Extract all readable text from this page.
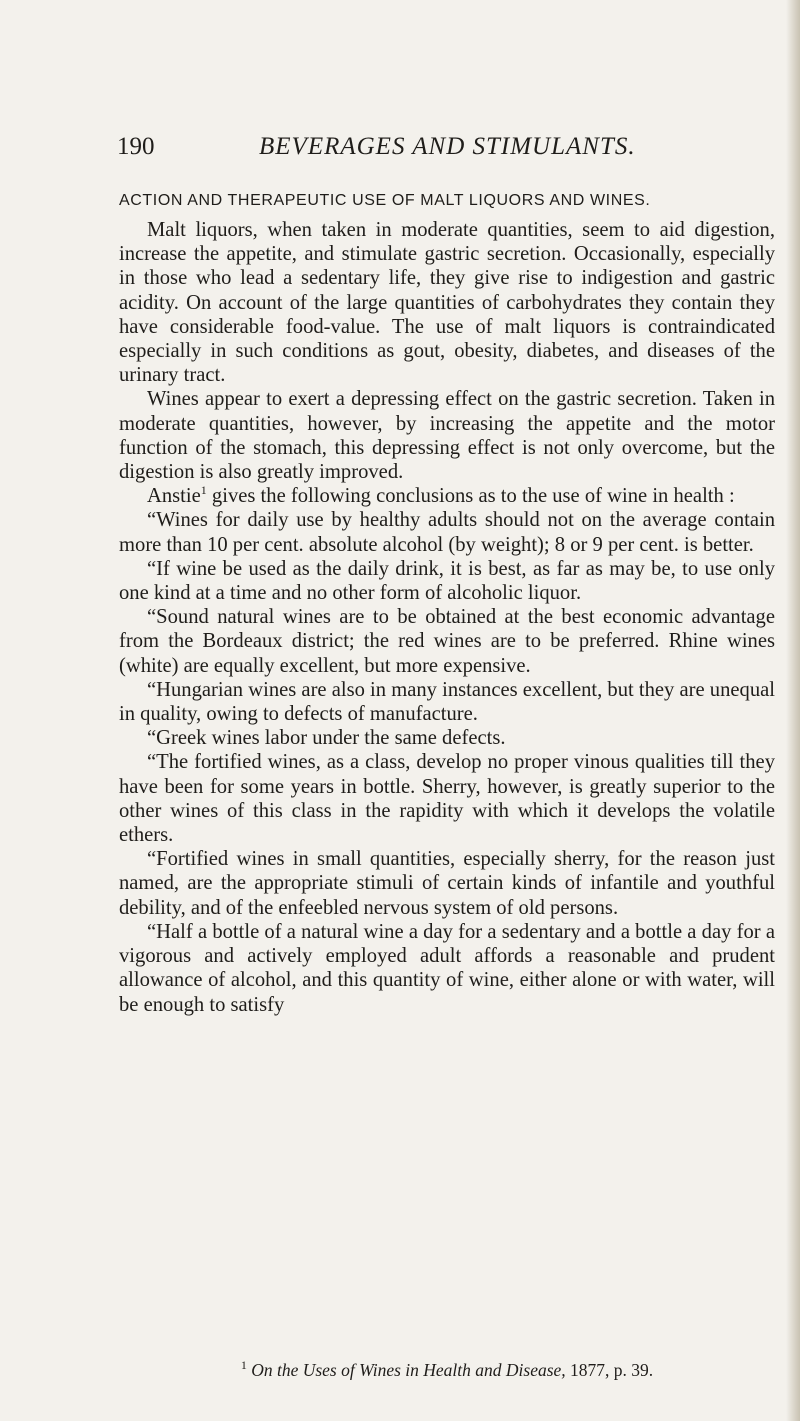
190	BEVERAGES AND STIMULANTS.
ACTION AND THERAPEUTIC USE OF MALT LIQUORS AND WINES.

Malt liquors, when taken in moderate quantities, seem to aid digestion, increase the appetite, and stimulate gastric secretion. Occasionally, especially in those who lead a sedentary life, they give rise to indigestion and gastric acidity. On account of the large quantities of carbohydrates they contain they have considerable food-value. The use of malt liquors is contraindicated especially in such conditions as gout, obesity, diabetes, and diseases of the urinary tract.

Wines appear to exert a depressing effect on the gastric secretion. Taken in moderate quantities, however, by increasing the appetite and the motor function of the stomach, this depressing effect is not only overcome, but the digestion is also greatly improved.

Anstie$^1$ gives the following conclusions as to the use of wine in health :

“Wines for daily use by healthy adults should not on the average contain more than 10 per cent. absolute alcohol (by weight); 8 or 9 per cent. is better.

“If wine be used as the daily drink, it is best, as far as may be, to use only one kind at a time and no other form of alcoholic liquor.

“Sound natural wines are to be obtained at the best economic advantage from the Bordeaux district; the red wines are to be preferred. Rhine wines (white) are equally excellent, but more expensive.

“Hungarian wines are also in many instances excellent, but they are unequal in quality, owing to defects of manufacture.

“Greek wines labor under the same defects.

“The fortified wines, as a class, develop no proper vinous qualities till they have been for some years in bottle. Sherry, however, is greatly superior to the other wines of this class in the rapidity with which it develops the volatile ethers.

“Fortified wines in small quantities, especially sherry, for the reason just named, are the appropriate stimuli of certain kinds of infantile and youthful debility, and of the enfeebled nervous system of old persons.

“Half a bottle of a natural wine a day for a sedentary and a bottle a day for a vigorous and actively employed adult affords a reasonable and prudent allowance of alcohol, and this quantity of wine, either alone or with water, will be enough to satisfy

$^1$ On the Uses of Wines in Health and Disease, 1877, p. 39.
